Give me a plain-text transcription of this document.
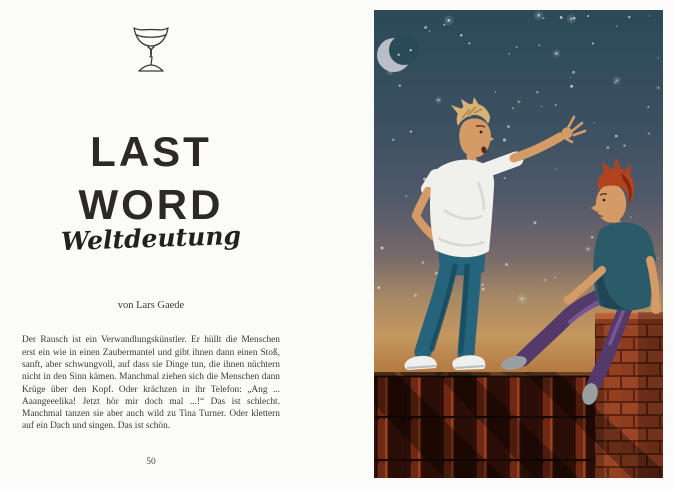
LAST
WORD
Weltdeutung
von Lars Gaede

Der Rausch ist ein Verwandlungskünstler. Er hüllt die Menschen erst ein wie in einen Zaubermantel und gibt ihnen dann einen Stoß, sanft, aber schwungvoll, auf dass sie Dinge tun, die ihnen nüchtern nicht in den Sinn kämen. Manchmal ziehen sich die Menschen dann Krüge über den Kopf. Oder krächzen in ihr Telefon: „Ang ... Aaangeeelika! Jetzt hör mir doch mal ...!“ Das ist schlecht. Manchmal tanzen sie aber auch wild zu Tina Turner. Oder klettern auf ein Dach und singen. Das ist schön.

50
